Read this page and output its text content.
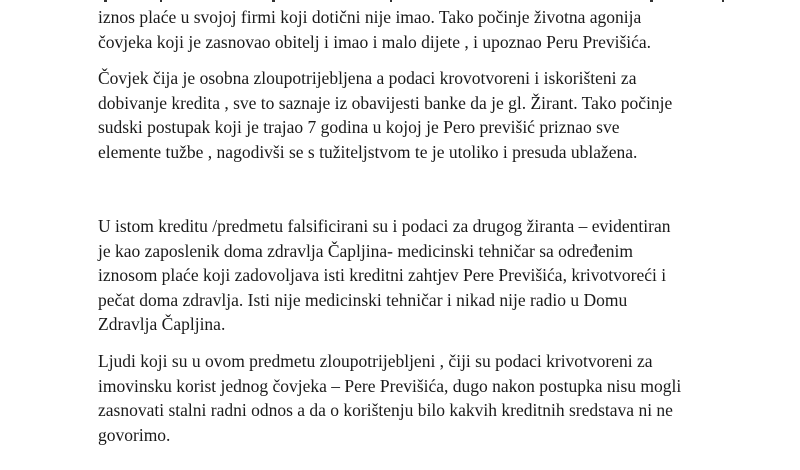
iznos plaće u svojoj firmi koji dotični nije imao. Tako počinje životna agonija
čovjeka koji je zasnovao obitelj i imao i malo dijete , i upoznao Peru Previšića.
Čovjek čija je osobna zloupotrijebljena a podaci krovotvoreni i iskorišteni za
dobivanje kredita , sve to saznaje iz obavijesti banke da je gl. Žirant. Tako počinje
sudski postupak koji je trajao 7 godina u kojoj je Pero previšić priznao sve
elemente tužbe , nagodivši se s tužiteljstvom te je utoliko i presuda ublažena.
U istom kreditu /predmetu falsificirani su i podaci za drugog žiranta – evidentiran
je kao zaposlenik doma zdravlja Čapljina- medicinski tehničar sa određenim
iznosom plaće koji zadovoljava isti kreditni zahtjev Pere Previšića, krivotvoreći i
pečat doma zdravlja. Isti nije medicinski tehničar i nikad nije radio u Domu
Zdravlja Čapljina.
Ljudi koji su u ovom predmetu zloupotrijebljeni , čiji su podaci krivotvoreni za
imovinsku korist jednog čovjeka – Pere Previšića, dugo nakon postupka nisu mogli
zasnovati stalni radni odnos a da o korištenju bilo kakvih kreditnih sredstava ni ne
govorimo.
